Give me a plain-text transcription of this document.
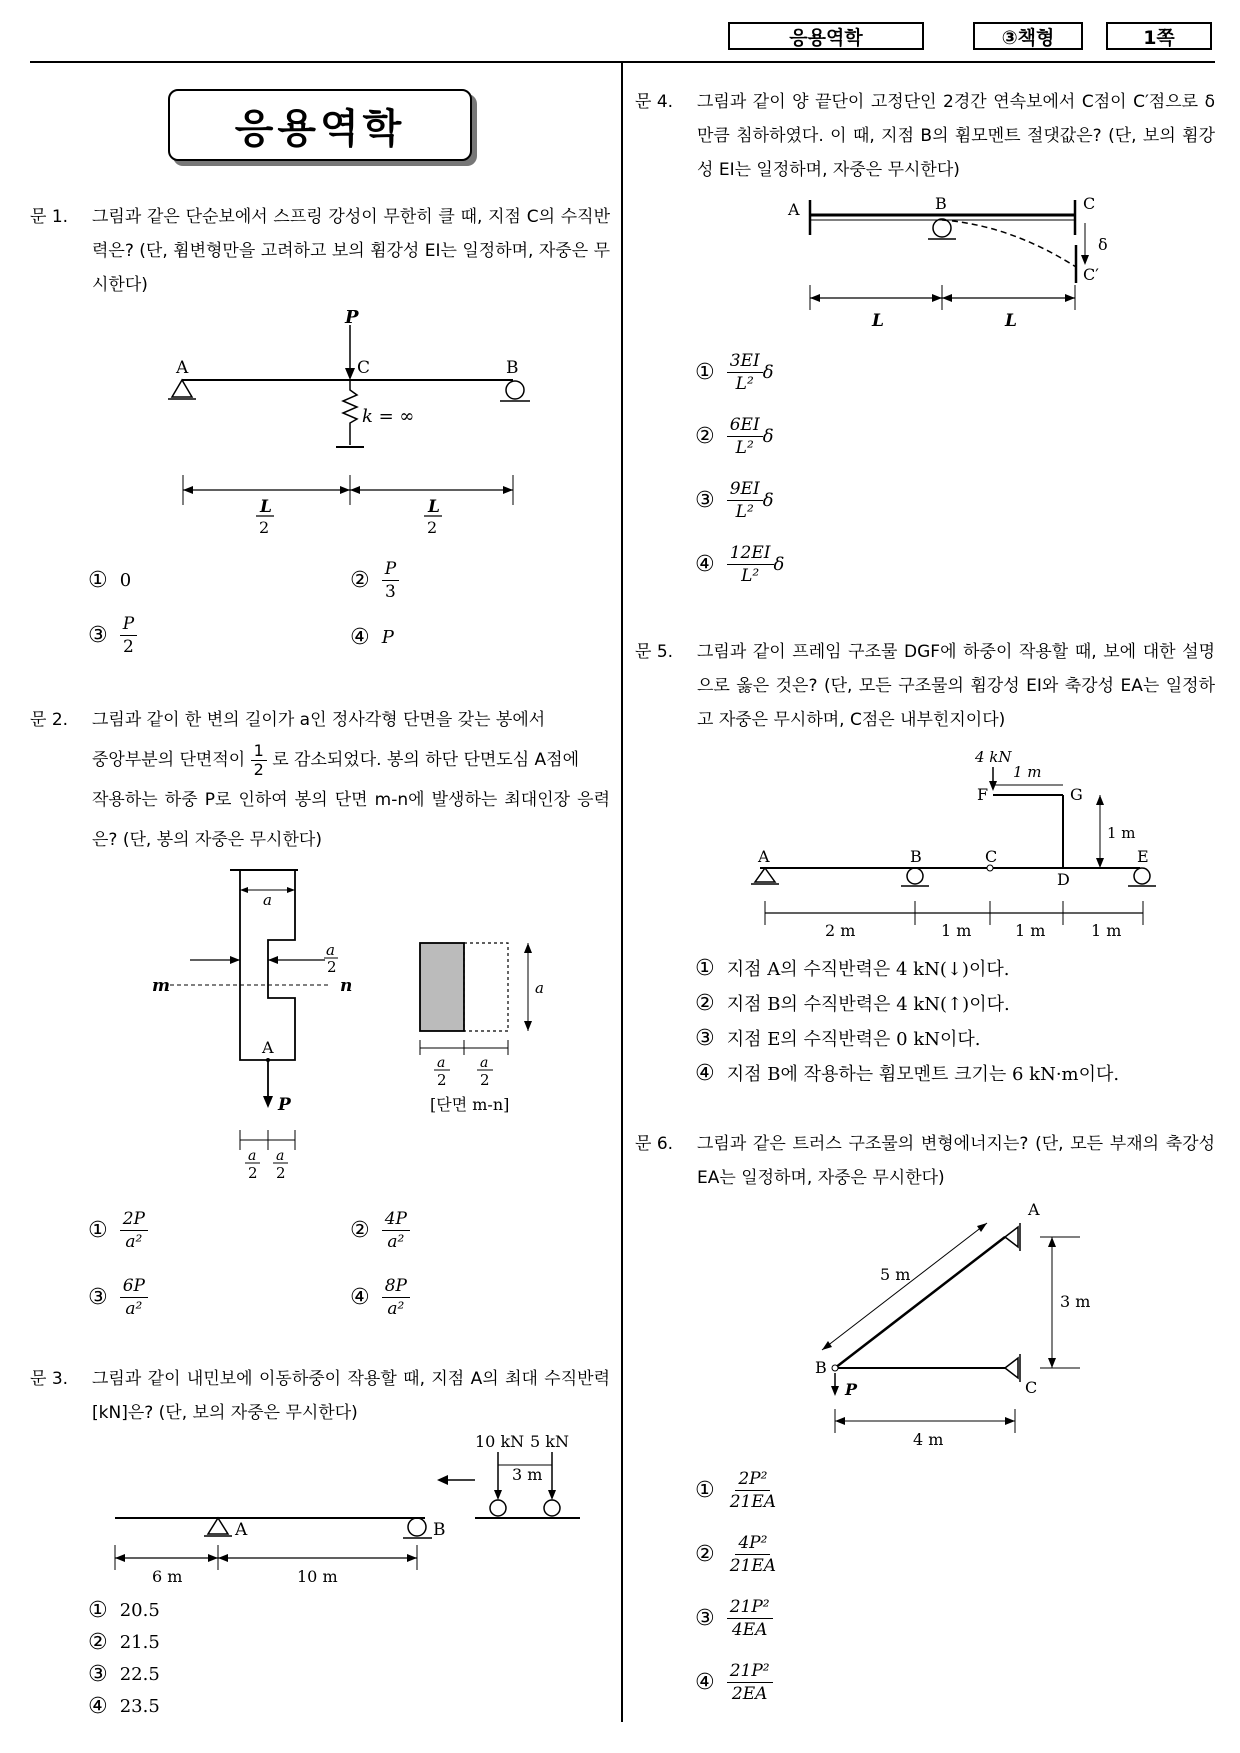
응용역학	③책형	1쪽
응용역학
문 1. 그림과 같은 단순보에서 스프링 강성이 무한히 클 때, 지점 C의 수직반력은? (단, 휨변형만을 고려하고 보의 휨강성 EI는 일정하며, 자중은 무시한다)
P
A	B
C
k = ∞
L
2
L
2
① 0	② $\frac{P}{3}$
③ $\frac{P}{2}$	④ P
문 2. 그림과 같이 한 변의 길이가 a인 정사각형 단면을 갖는 봉에서
중앙부분의 단면적이 $\frac{1}{2}$ 로 감소되었다. 봉의 하단 단면도심 A점에
작용하는 하중 P로 인하여 봉의 단면 m-n에 발생하는 최대인장 응력은? (단, 봉의 자중은 무시한다)
a
a
2
m	n
A
P
a
2
a
2
a
a
2
a
2
[단면 m-n]
① $\frac{2P}{\text{a²}}$	② $\frac{4P}{\text{a²}}$
③ $\frac{6P}{\text{a²}}$	④ $\frac{8P}{\text{a²}}$
문 3. 그림과 같이 내민보에 이동하중이 작용할 때, 지점 A의 최대 수직반력[kN]은? (단, 보의 자중은 무시한다)
A	B
10 kN 5 kN
3 m
6 m	10 m
① 20.5
② 21.5
③ 22.5
④ 23.5
문 4. 그림과 같이 양 끝단이 고정단인 2경간 연속보에서 C점이 C′점으로 δ만큼 침하하였다. 이 때, 지점 B의 휨모멘트 절댓값은? (단, 보의 휨강성 EI는 일정하며, 자중은 무시한다)
A	B	C
δ
C′
L	L
① $\frac{3EI}{\text{L²}}$ δ
② $\frac{6EI}{\text{L²}}$ δ
③ $\frac{9EI}{\text{L²}}$ δ
④ $\frac{12EI}{\text{L²}}$ δ
문 5. 그림과 같이 프레임 구조물 DGF에 하중이 작용할 때, 보에 대한 설명으로 옳은 것은? (단, 모든 구조물의 휨강성 EI와 축강성 EA는 일정하고 자중은 무시하며, C점은 내부힌지이다)
4 kN
1 m
F	G
1 m
A	B	C
D
E
2 m	1 m	1 m	1 m
① 지점 A의 수직반력은 4 kN(↓)이다.
② 지점 B의 수직반력은 4 kN(↑)이다.
③ 지점 E의 수직반력은 0 kN이다.
④ 지점 B에 작용하는 휨모멘트 크기는 6 kN·m이다.
문 6. 그림과 같은 트러스 구조물의 변형에너지는? (단, 모든 부재의 축강성 EA는 일정하며, 자중은 무시한다)
A
B
C
P
5 m
3 m
4 m
① $\frac{\text{2P²}}{21EA}$
② $\frac{\text{4P²}}{21EA}$
③ $\frac{\text{21P²}}{4EA}$
④ $\frac{\text{21P²}}{2EA}$
